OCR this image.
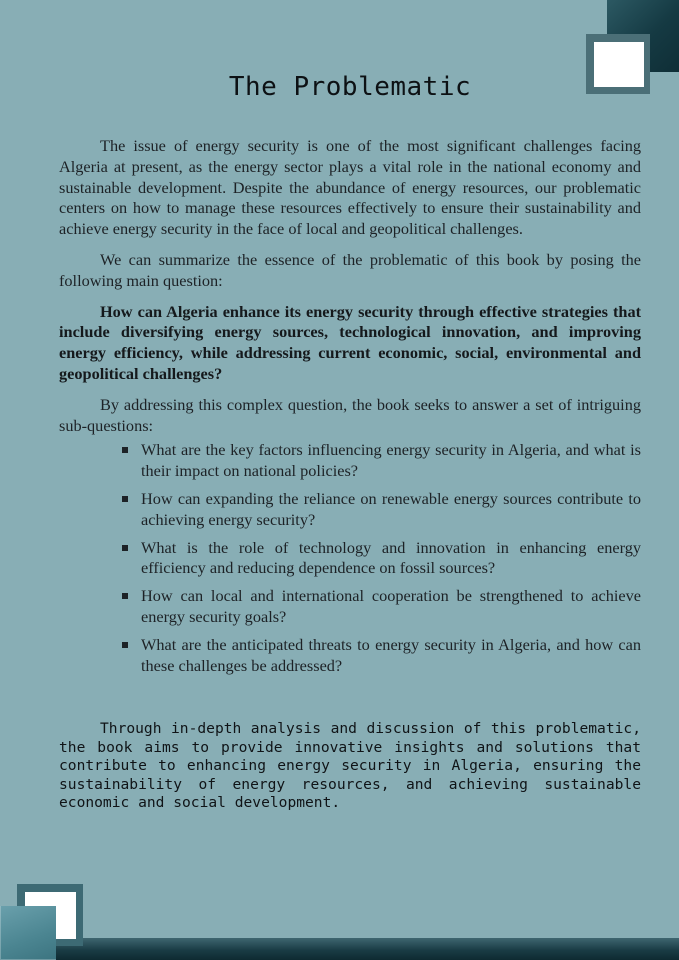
The Problematic

The issue of energy security is one of the most significant challenges facing Algeria at present, as the energy sector plays a vital role in the national economy and sustainable development. Despite the abundance of energy resources, our problematic centers on how to manage these resources effectively to ensure their sustainability and achieve energy security in the face of local and geopolitical challenges.

We can summarize the essence of the problematic of this book by posing the following main question:

How can Algeria enhance its energy security through effective strategies that include diversifying energy sources, technological innovation, and improving energy efficiency, while addressing current economic, social, environmental and geopolitical challenges?

By addressing this complex question, the book seeks to answer a set of intriguing sub-questions:

What are the key factors influencing energy security in Algeria, and what is their impact on national policies?
How can expanding the reliance on renewable energy sources contribute to achieving energy security?
What is the role of technology and innovation in enhancing energy efficiency and reducing dependence on fossil sources?
How can local and international cooperation be strengthened to achieve energy security goals?
What are the anticipated threats to energy security in Algeria, and how can these challenges be addressed?

Through in-depth analysis and discussion of this problematic, the book aims to provide innovative insights and solutions that contribute to enhancing energy security in Algeria, ensuring the sustainability of energy resources, and achieving sustainable economic and social development.
